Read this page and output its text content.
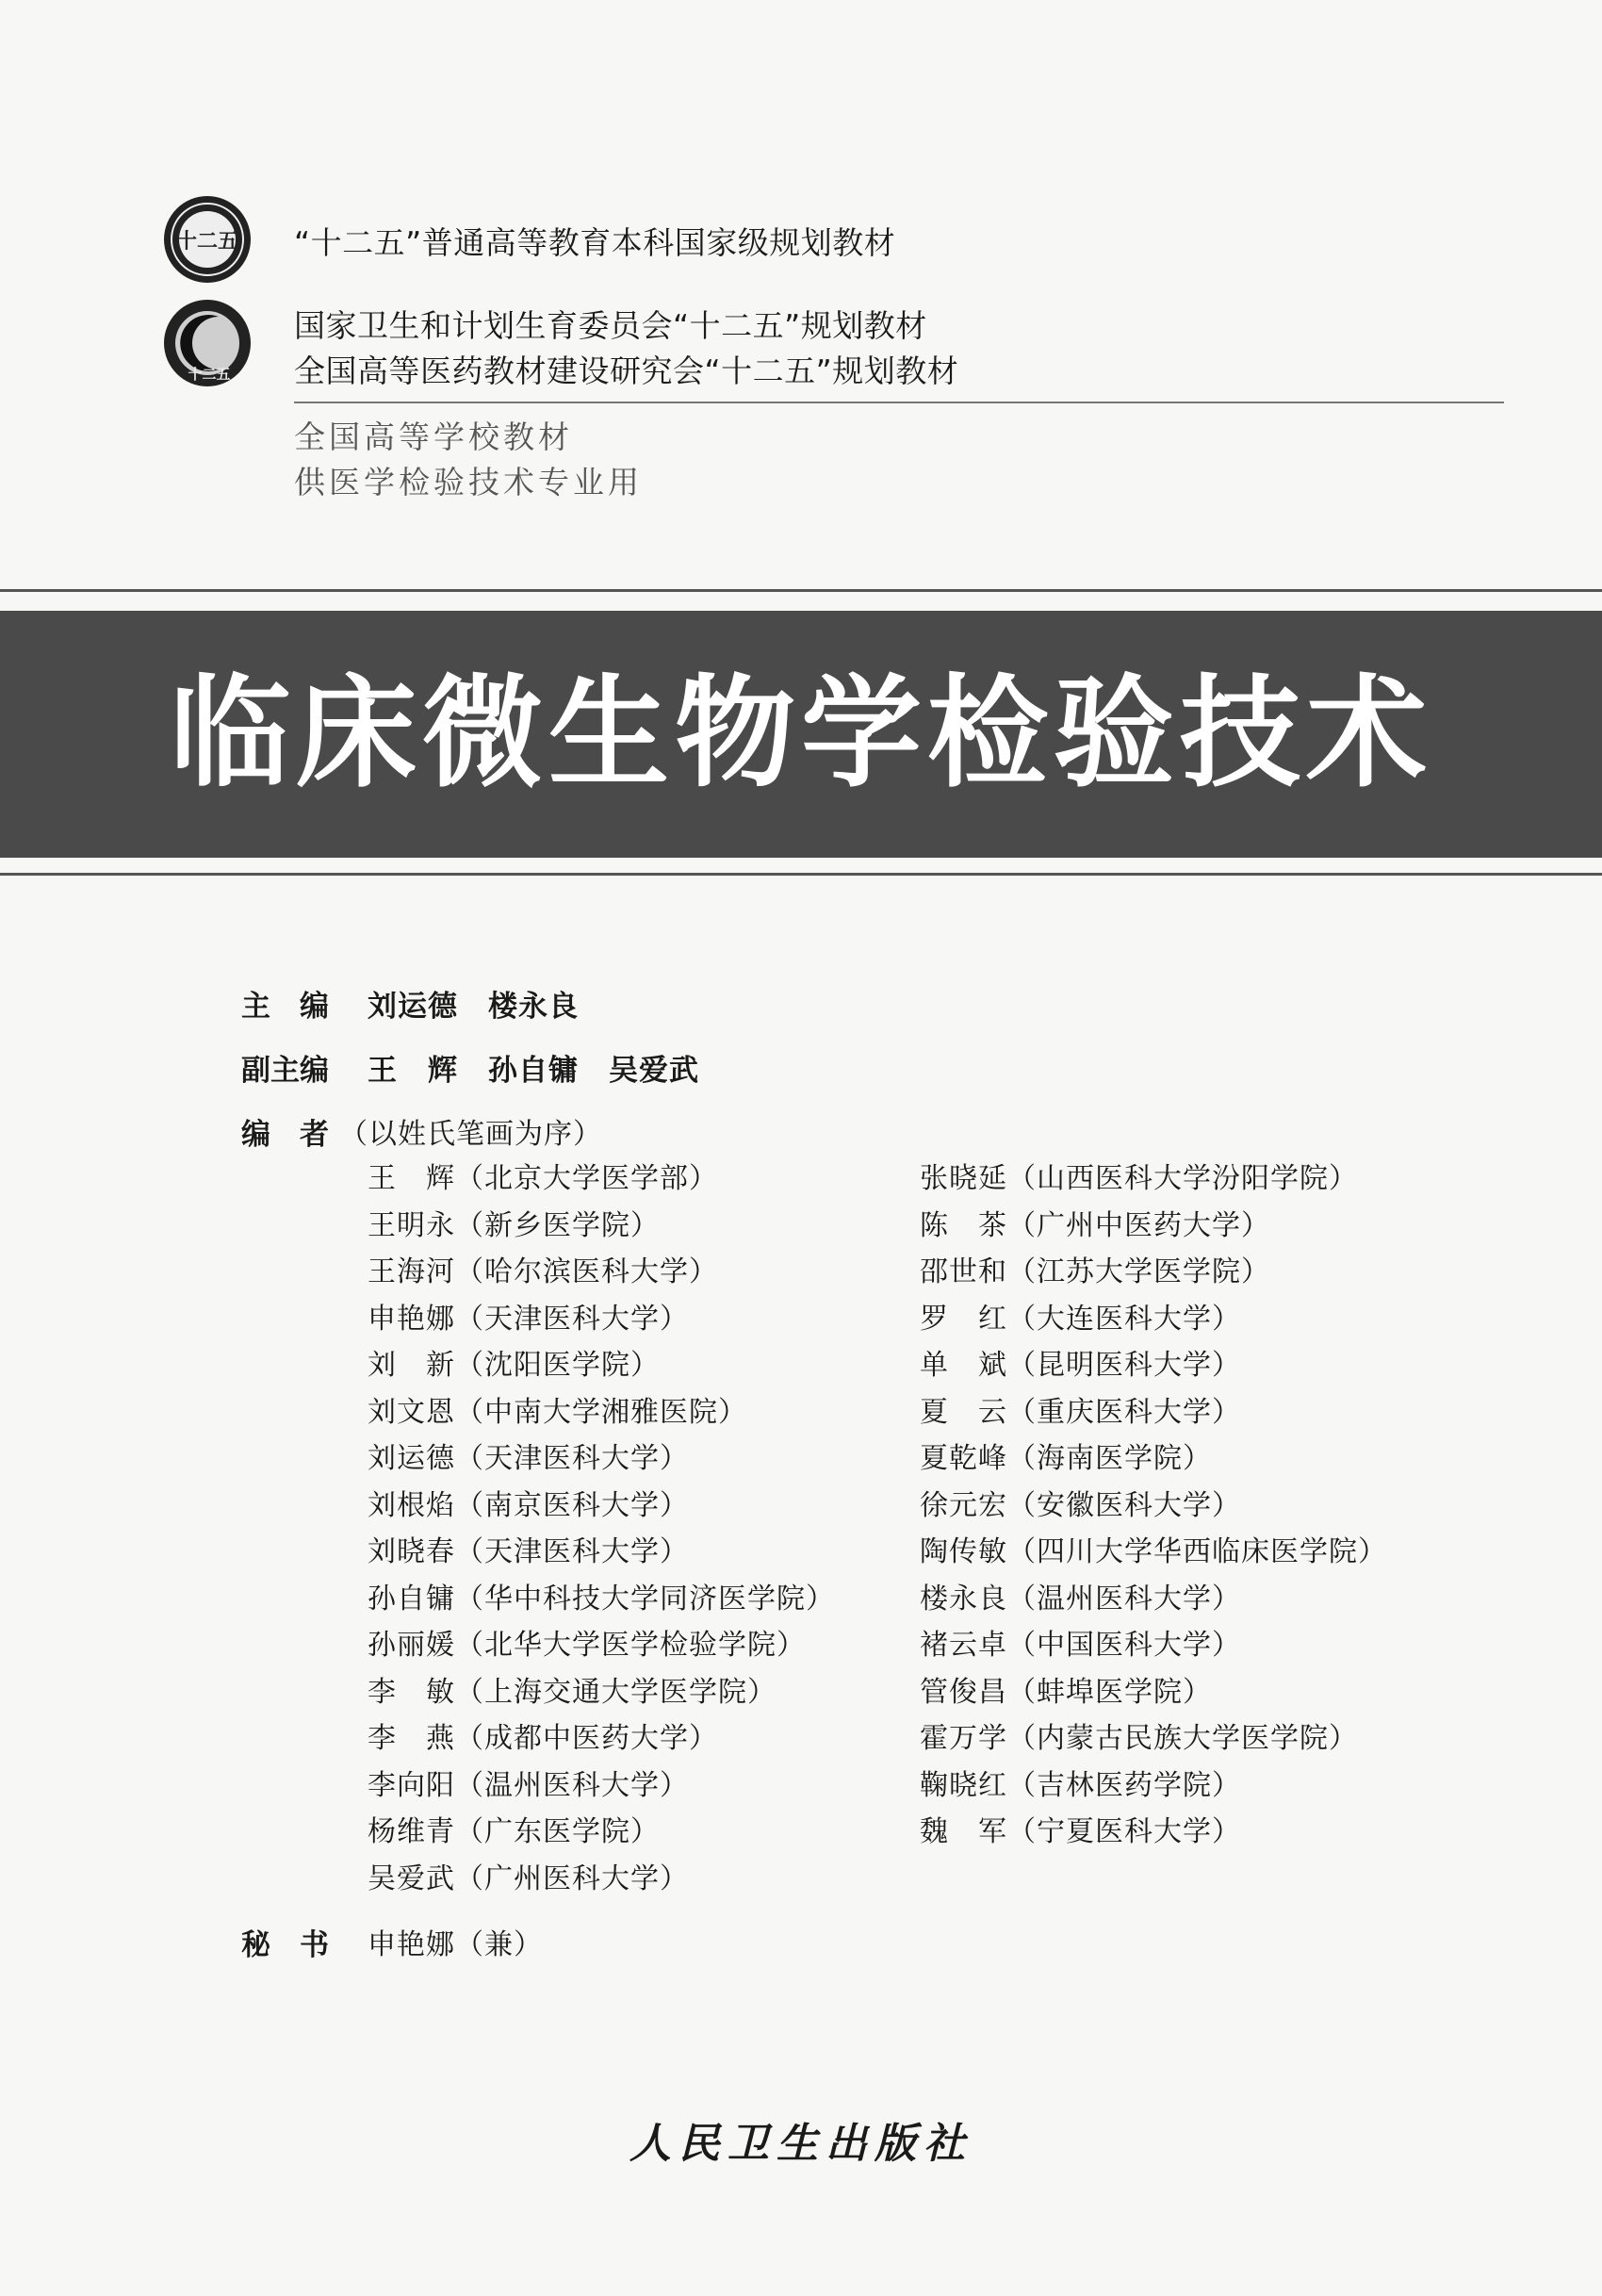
十二五 “十二五”普通高等教育本科国家级规划教材
十二五
国家卫生和计划生育委员会“十二五”规划教材
全国高等医药教材建设研究会“十二五”规划教材
全国高等学校教材
供医学检验技术专业用
临床微生物学检验技术
主　编 刘运德　楼永良
副主编 王　辉　孙自镛　吴爱武
编　者 （以姓氏笔画为序）
王　辉（北京大学医学部）
王明永（新乡医学院）
王海河（哈尔滨医科大学）
申艳娜（天津医科大学）
刘　新（沈阳医学院）
刘文恩（中南大学湘雅医院）
刘运德（天津医科大学）
刘根焰（南京医科大学）
刘晓春（天津医科大学）
孙自镛（华中科技大学同济医学院）
孙丽媛（北华大学医学检验学院）
李　敏（上海交通大学医学院）
李　燕（成都中医药大学）
李向阳（温州医科大学）
杨维青（广东医学院）
吴爱武（广州医科大学）
张晓延（山西医科大学汾阳学院）
陈　茶（广州中医药大学）
邵世和（江苏大学医学院）
罗　红（大连医科大学）
单　斌（昆明医科大学）
夏　云（重庆医科大学）
夏乾峰（海南医学院）
徐元宏（安徽医科大学）
陶传敏（四川大学华西临床医学院）
楼永良（温州医科大学）
褚云卓（中国医科大学）
管俊昌（蚌埠医学院）
霍万学（内蒙古民族大学医学院）
鞠晓红（吉林医药学院）
魏　军（宁夏医科大学）
秘　书 申艳娜（兼）
人民卫生出版社
